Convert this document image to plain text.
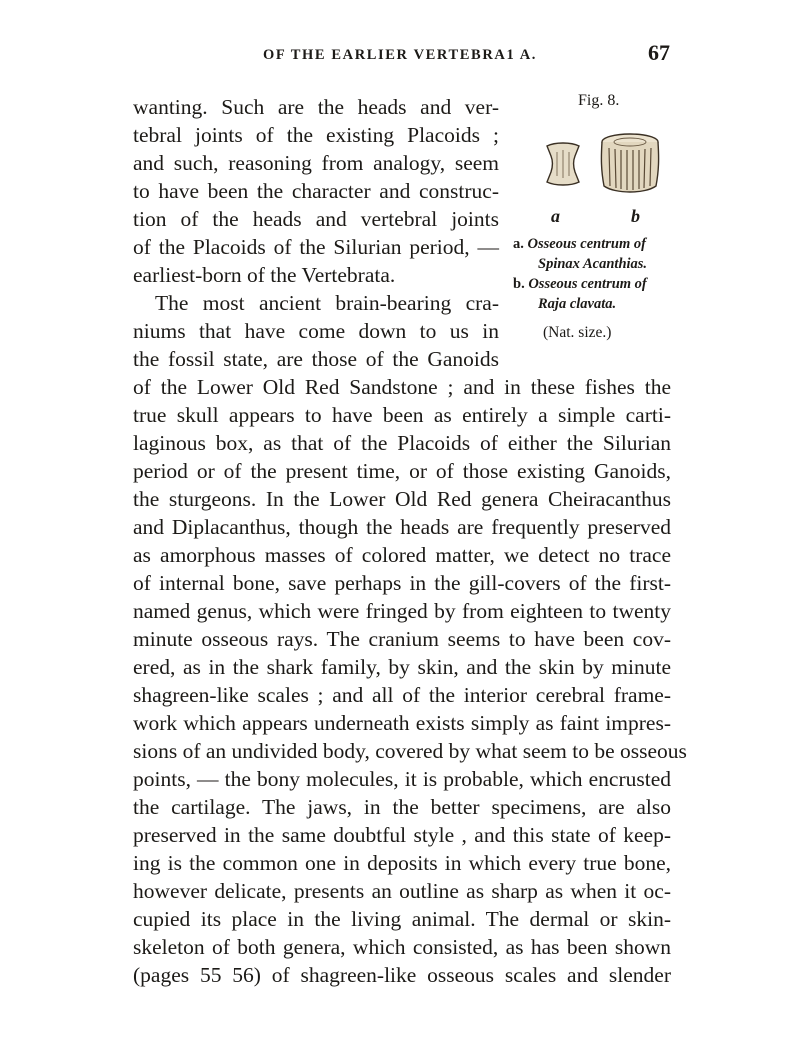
OF THE EARLIER VERTEBRA1 A.	67
Fig. 8.
a	b
a. Osseous centrum of
Spinax Acanthias.
b. Osseous centrum of
Raja clavata.
(Nat. size.)
wanting. Such are the heads and ver-
tebral joints of the existing Placoids ;
and such, reasoning from analogy, seem
to have been the character and construc-
tion of the heads and vertebral joints
of the Placoids of the Silurian period, —
earliest-born of the Vertebrata.
The most ancient brain-bearing cra-
niums that have come down to us in
the fossil state, are those of the Ganoids
of the Lower Old Red Sandstone ; and in these fishes the
true skull appears to have been as entirely a simple carti-
laginous box, as that of the Placoids of either the Silurian
period or of the present time, or of those existing Ganoids,
the sturgeons. In the Lower Old Red genera Cheiracanthus
and Diplacanthus, though the heads are frequently preserved
as amorphous masses of colored matter, we detect no trace
of internal bone, save perhaps in the gill-covers of the first-
named genus, which were fringed by from eighteen to twenty
minute osseous rays. The cranium seems to have been cov-
ered, as in the shark family, by skin, and the skin by minute
shagreen-like scales ; and all of the interior cerebral frame-
work which appears underneath exists simply as faint impres-
sions of an undivided body, covered by what seem to be osseous
points, — the bony molecules, it is probable, which encrusted
the cartilage. The jaws, in the better specimens, are also
preserved in the same doubtful style , and this state of keep-
ing is the common one in deposits in which every true bone,
however delicate, presents an outline as sharp as when it oc-
cupied its place in the living animal. The dermal or skin-
skeleton of both genera, which consisted, as has been shown
(pages 55 56) of shagreen-like osseous scales and slender
